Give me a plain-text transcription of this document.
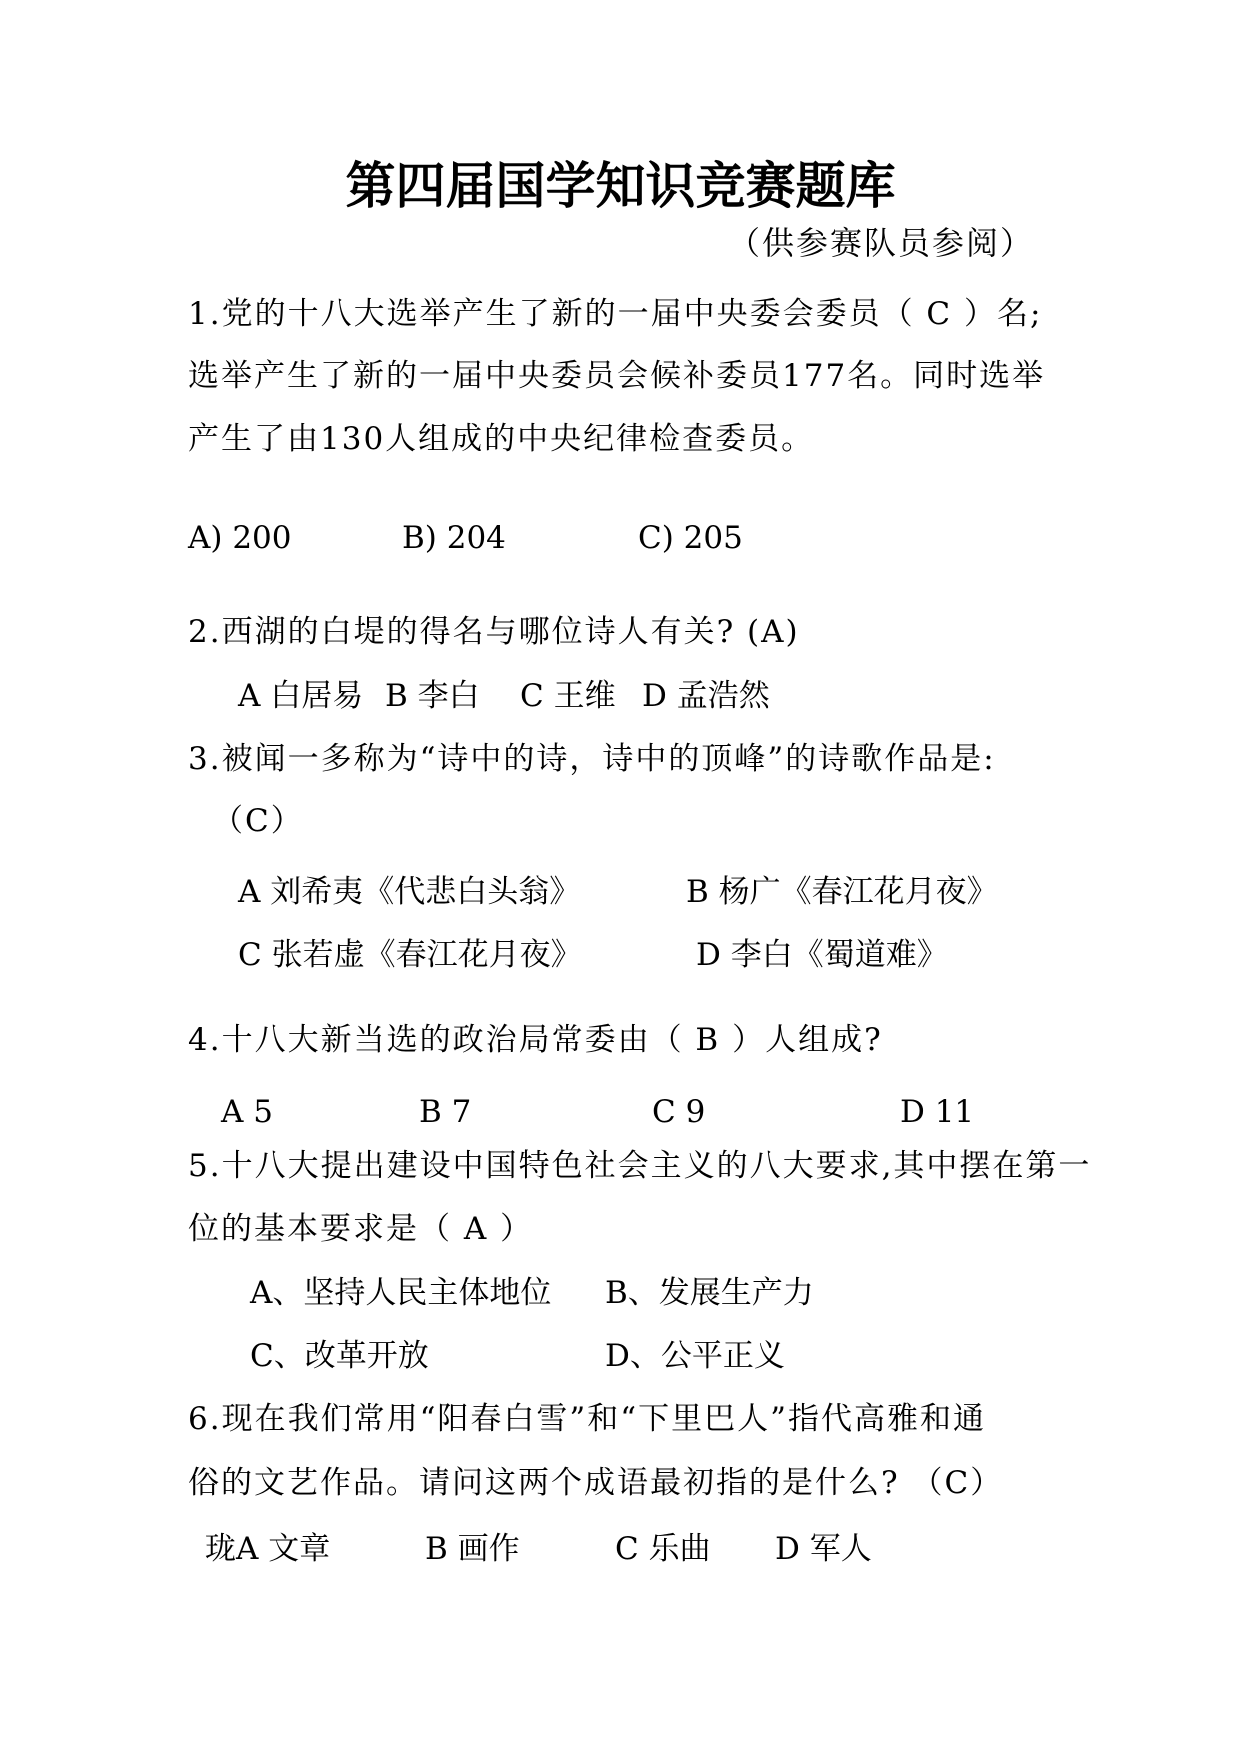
第四届国学知识竞赛题库
（供参赛队员参阅）
1.党的十八大选举产生了新的一届中央委会委员（ C ）名;
选举产生了新的一届中央委员会候补委员177名。同时选举
产生了由130人组成的中央纪律检查委员。
A) 200	B) 204	C) 205
2.西湖的白堤的得名与哪位诗人有关? (A)
A 白居易 B 李白 C 王维 D 孟浩然
3.被闻一多称为“诗中的诗，诗中的顶峰”的诗歌作品是:
（C）
A 刘希夷《代悲白头翁》	B 杨广《春江花月夜》
C 张若虚《春江花月夜》	D 李白《蜀道难》
4.十八大新当选的政治局常委由（ B ）人组成?
A 5	B 7	C 9	D 11
5.十八大提出建设中国特色社会主义的八大要求,其中摆在第一
位的基本要求是（ A ）
A、坚持人民主体地位 B、发展生产力
C、改革开放	D、公平正义
6.现在我们常用“阳春白雪”和“下里巴人”指代高雅和通
俗的文艺作品。请问这两个成语最初指的是什么? （C）
珑A 文章	B 画作	C 乐曲 D 军人
